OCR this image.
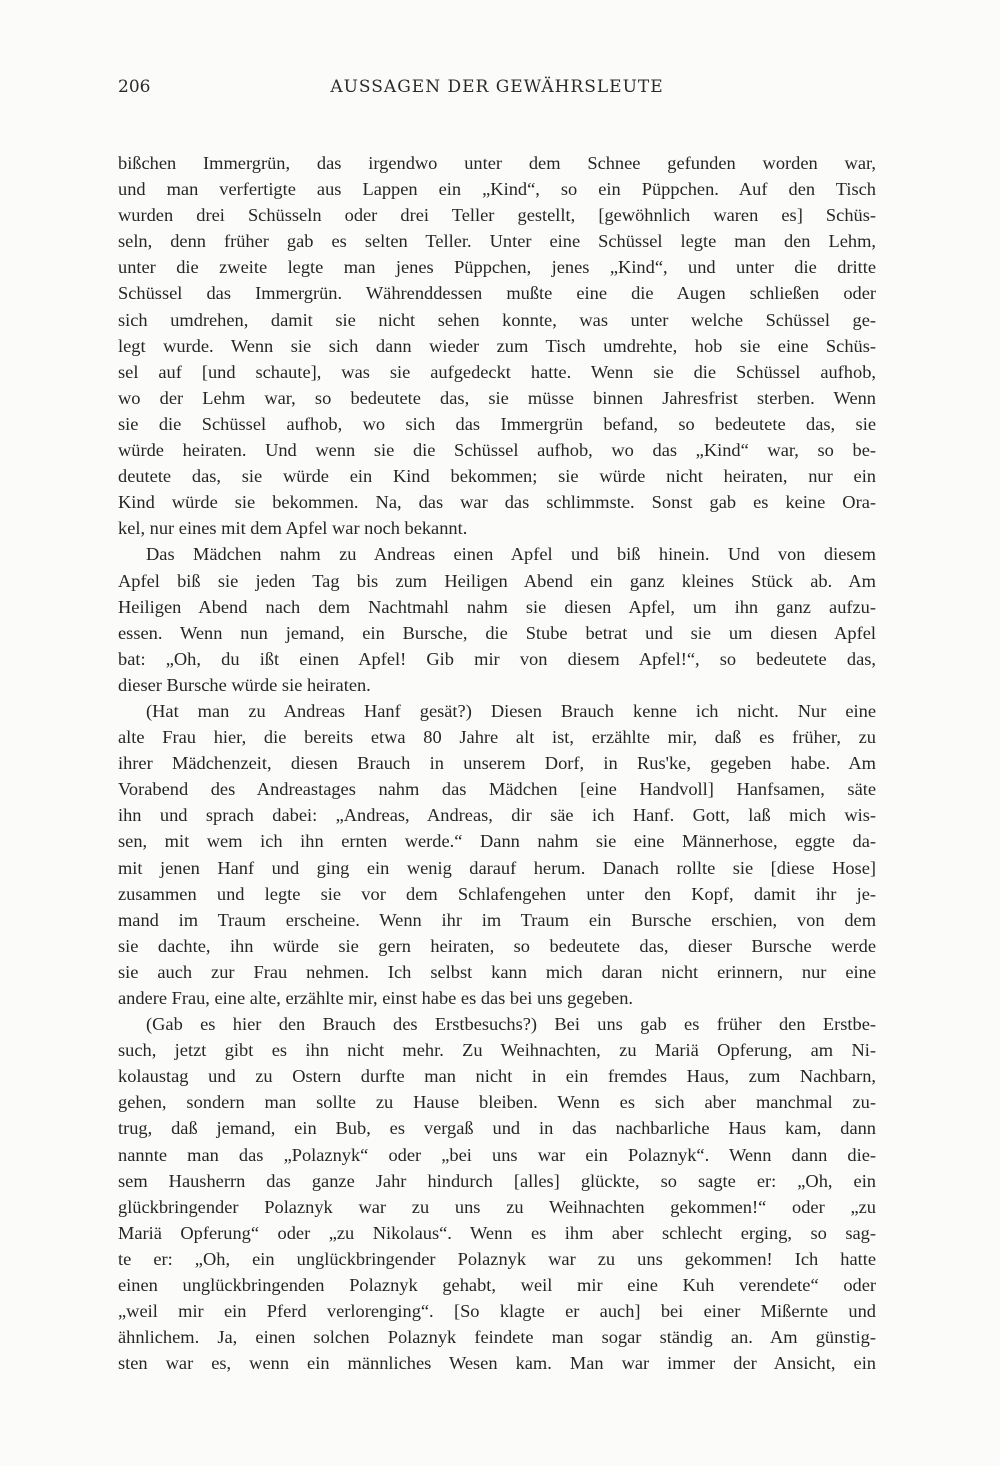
206	AUSSAGEN DER GEWÄHRSLEUTE
bißchen Immergrün, das irgendwo unter dem Schnee gefunden worden war,
und man verfertigte aus Lappen ein „Kind“, so ein Püppchen. Auf den Tisch
wurden drei Schüsseln oder drei Teller gestellt, [gewöhnlich waren es] Schüs-
seln, denn früher gab es selten Teller. Unter eine Schüssel legte man den Lehm,
unter die zweite legte man jenes Püppchen, jenes „Kind“, und unter die dritte
Schüssel das Immergrün. Währenddessen mußte eine die Augen schließen oder
sich umdrehen, damit sie nicht sehen konnte, was unter welche Schüssel ge-
legt wurde. Wenn sie sich dann wieder zum Tisch umdrehte, hob sie eine Schüs-
sel auf [und schaute], was sie aufgedeckt hatte. Wenn sie die Schüssel aufhob,
wo der Lehm war, so bedeutete das, sie müsse binnen Jahresfrist sterben. Wenn
sie die Schüssel aufhob, wo sich das Immergrün befand, so bedeutete das, sie
würde heiraten. Und wenn sie die Schüssel aufhob, wo das „Kind“ war, so be-
deutete das, sie würde ein Kind bekommen; sie würde nicht heiraten, nur ein
Kind würde sie bekommen. Na, das war das schlimmste. Sonst gab es keine Ora-
kel, nur eines mit dem Apfel war noch bekannt.
Das Mädchen nahm zu Andreas einen Apfel und biß hinein. Und von diesem
Apfel biß sie jeden Tag bis zum Heiligen Abend ein ganz kleines Stück ab. Am
Heiligen Abend nach dem Nachtmahl nahm sie diesen Apfel, um ihn ganz aufzu-
essen. Wenn nun jemand, ein Bursche, die Stube betrat und sie um diesen Apfel
bat: „Oh, du ißt einen Apfel! Gib mir von diesem Apfel!“, so bedeutete das,
dieser Bursche würde sie heiraten.
(Hat man zu Andreas Hanf gesät?) Diesen Brauch kenne ich nicht. Nur eine
alte Frau hier, die bereits etwa 80 Jahre alt ist, erzählte mir, daß es früher, zu
ihrer Mädchenzeit, diesen Brauch in unserem Dorf, in Rus'ke, gegeben habe. Am
Vorabend des Andreastages nahm das Mädchen [eine Handvoll] Hanfsamen, säte
ihn und sprach dabei: „Andreas, Andreas, dir säe ich Hanf. Gott, laß mich wis-
sen, mit wem ich ihn ernten werde.“ Dann nahm sie eine Männerhose, eggte da-
mit jenen Hanf und ging ein wenig darauf herum. Danach rollte sie [diese Hose]
zusammen und legte sie vor dem Schlafengehen unter den Kopf, damit ihr je-
mand im Traum erscheine. Wenn ihr im Traum ein Bursche erschien, von dem
sie dachte, ihn würde sie gern heiraten, so bedeutete das, dieser Bursche werde
sie auch zur Frau nehmen. Ich selbst kann mich daran nicht erinnern, nur eine
andere Frau, eine alte, erzählte mir, einst habe es das bei uns gegeben.
(Gab es hier den Brauch des Erstbesuchs?) Bei uns gab es früher den Erstbe-
such, jetzt gibt es ihn nicht mehr. Zu Weihnachten, zu Mariä Opferung, am Ni-
kolaustag und zu Ostern durfte man nicht in ein fremdes Haus, zum Nachbarn,
gehen, sondern man sollte zu Hause bleiben. Wenn es sich aber manchmal zu-
trug, daß jemand, ein Bub, es vergaß und in das nachbarliche Haus kam, dann
nannte man das „Polaznyk“ oder „bei uns war ein Polaznyk“. Wenn dann die-
sem Hausherrn das ganze Jahr hindurch [alles] glückte, so sagte er: „Oh, ein
glückbringender Polaznyk war zu uns zu Weihnachten gekommen!“ oder „zu
Mariä Opferung“ oder „zu Nikolaus“. Wenn es ihm aber schlecht erging, so sag-
te er: „Oh, ein unglückbringender Polaznyk war zu uns gekommen! Ich hatte
einen unglückbringenden Polaznyk gehabt, weil mir eine Kuh verendete“ oder
„weil mir ein Pferd verlorenging“. [So klagte er auch] bei einer Mißernte und
ähnlichem. Ja, einen solchen Polaznyk feindete man sogar ständig an. Am günstig-
sten war es, wenn ein männliches Wesen kam. Man war immer der Ansicht, ein
